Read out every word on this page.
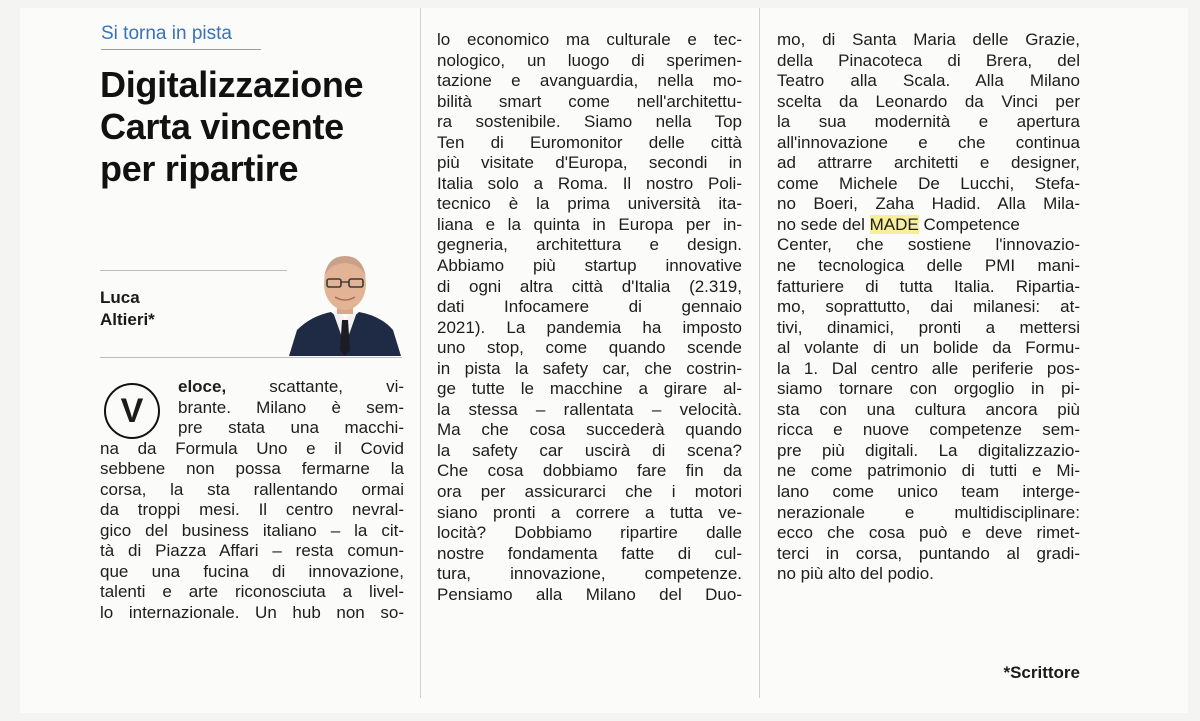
Si torna in pista
Digitalizzazione
Carta vincente
per ripartire
Luca
Altieri*
V
eloce, scattante, vi-
brante. Milano è sem-
pre stata una macchi-
na da Formula Uno e il Covid
sebbene non possa fermarne la
corsa, la sta rallentando ormai
da troppi mesi. Il centro nevral-
gico del business italiano – la cit-
tà di Piazza Affari – resta comun-
que una fucina di innovazione,
talenti e arte riconosciuta a livel-
lo internazionale. Un hub non so-
lo economico ma culturale e tec-
nologico, un luogo di sperimen-
tazione e avanguardia, nella mo-
bilità smart come nell'architettu-
ra sostenibile. Siamo nella Top
Ten di Euromonitor delle città
più visitate d'Europa, secondi in
Italia solo a Roma. Il nostro Poli-
tecnico è la prima università ita-
liana e la quinta in Europa per in-
gegneria, architettura e design.
Abbiamo più startup innovative
di ogni altra città d'Italia (2.319,
dati Infocamere di gennaio
2021). La pandemia ha imposto
uno stop, come quando scende
in pista la safety car, che costrin-
ge tutte le macchine a girare al-
la stessa – rallentata – velocità.
Ma che cosa succederà quando
la safety car uscirà di scena?
Che cosa dobbiamo fare fin da
ora per assicurarci che i motori
siano pronti a correre a tutta ve-
locità? Dobbiamo ripartire dalle
nostre fondamenta fatte di cul-
tura, innovazione, competenze.
Pensiamo alla Milano del Duo-
mo, di Santa Maria delle Grazie,
della Pinacoteca di Brera, del
Teatro alla Scala. Alla Milano
scelta da Leonardo da Vinci per
la sua modernità e apertura
all'innovazione e che continua
ad attrarre architetti e designer,
come Michele De Lucchi, Stefa-
no Boeri, Zaha Hadid. Alla Mila-
no sede del MADE Competence
Center, che sostiene l'innovazio-
ne tecnologica delle PMI mani-
fatturiere di tutta Italia. Ripartia-
mo, soprattutto, dai milanesi: at-
tivi, dinamici, pronti a mettersi
al volante di un bolide da Formu-
la 1. Dal centro alle periferie pos-
siamo tornare con orgoglio in pi-
sta con una cultura ancora più
ricca e nuove competenze sem-
pre più digitali. La digitalizzazio-
ne come patrimonio di tutti e Mi-
lano come unico team interge-
nerazionale e multidisciplinare:
ecco che cosa può e deve rimet-
terci in corsa, puntando al gradi-
no più alto del podio.
*Scrittore
